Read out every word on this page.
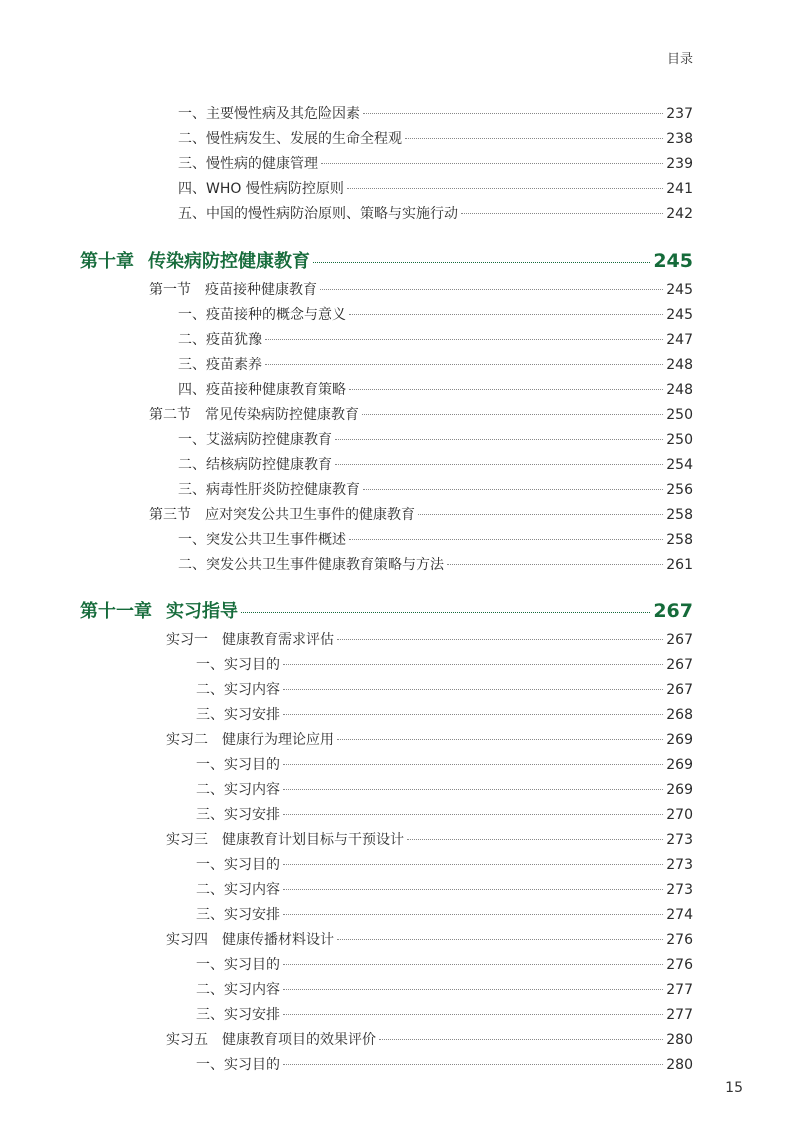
目录
一、主要慢性病及其危险因素	237
二、慢性病发生、发展的生命全程观	238
三、慢性病的健康管理	239
四、WHO 慢性病防控原则	241
五、中国的慢性病防治原则、策略与实施行动	242
第十章 传染病防控健康教育	245
第一节 疫苗接种健康教育	245
一、疫苗接种的概念与意义	245
二、疫苗犹豫	247
三、疫苗素养	248
四、疫苗接种健康教育策略	248
第二节 常见传染病防控健康教育	250
一、艾滋病防控健康教育	250
二、结核病防控健康教育	254
三、病毒性肝炎防控健康教育	256
第三节 应对突发公共卫生事件的健康教育	258
一、突发公共卫生事件概述	258
二、突发公共卫生事件健康教育策略与方法	261
第十一章 实习指导	267
实习一 健康教育需求评估	267
一、实习目的	267
二、实习内容	267
三、实习安排	268
实习二 健康行为理论应用	269
一、实习目的	269
二、实习内容	269
三、实习安排	270
实习三 健康教育计划目标与干预设计	273
一、实习目的	273
二、实习内容	273
三、实习安排	274
实习四 健康传播材料设计	276
一、实习目的	276
二、实习内容	277
三、实习安排	277
实习五 健康教育项目的效果评价	280
一、实习目的	280
15
